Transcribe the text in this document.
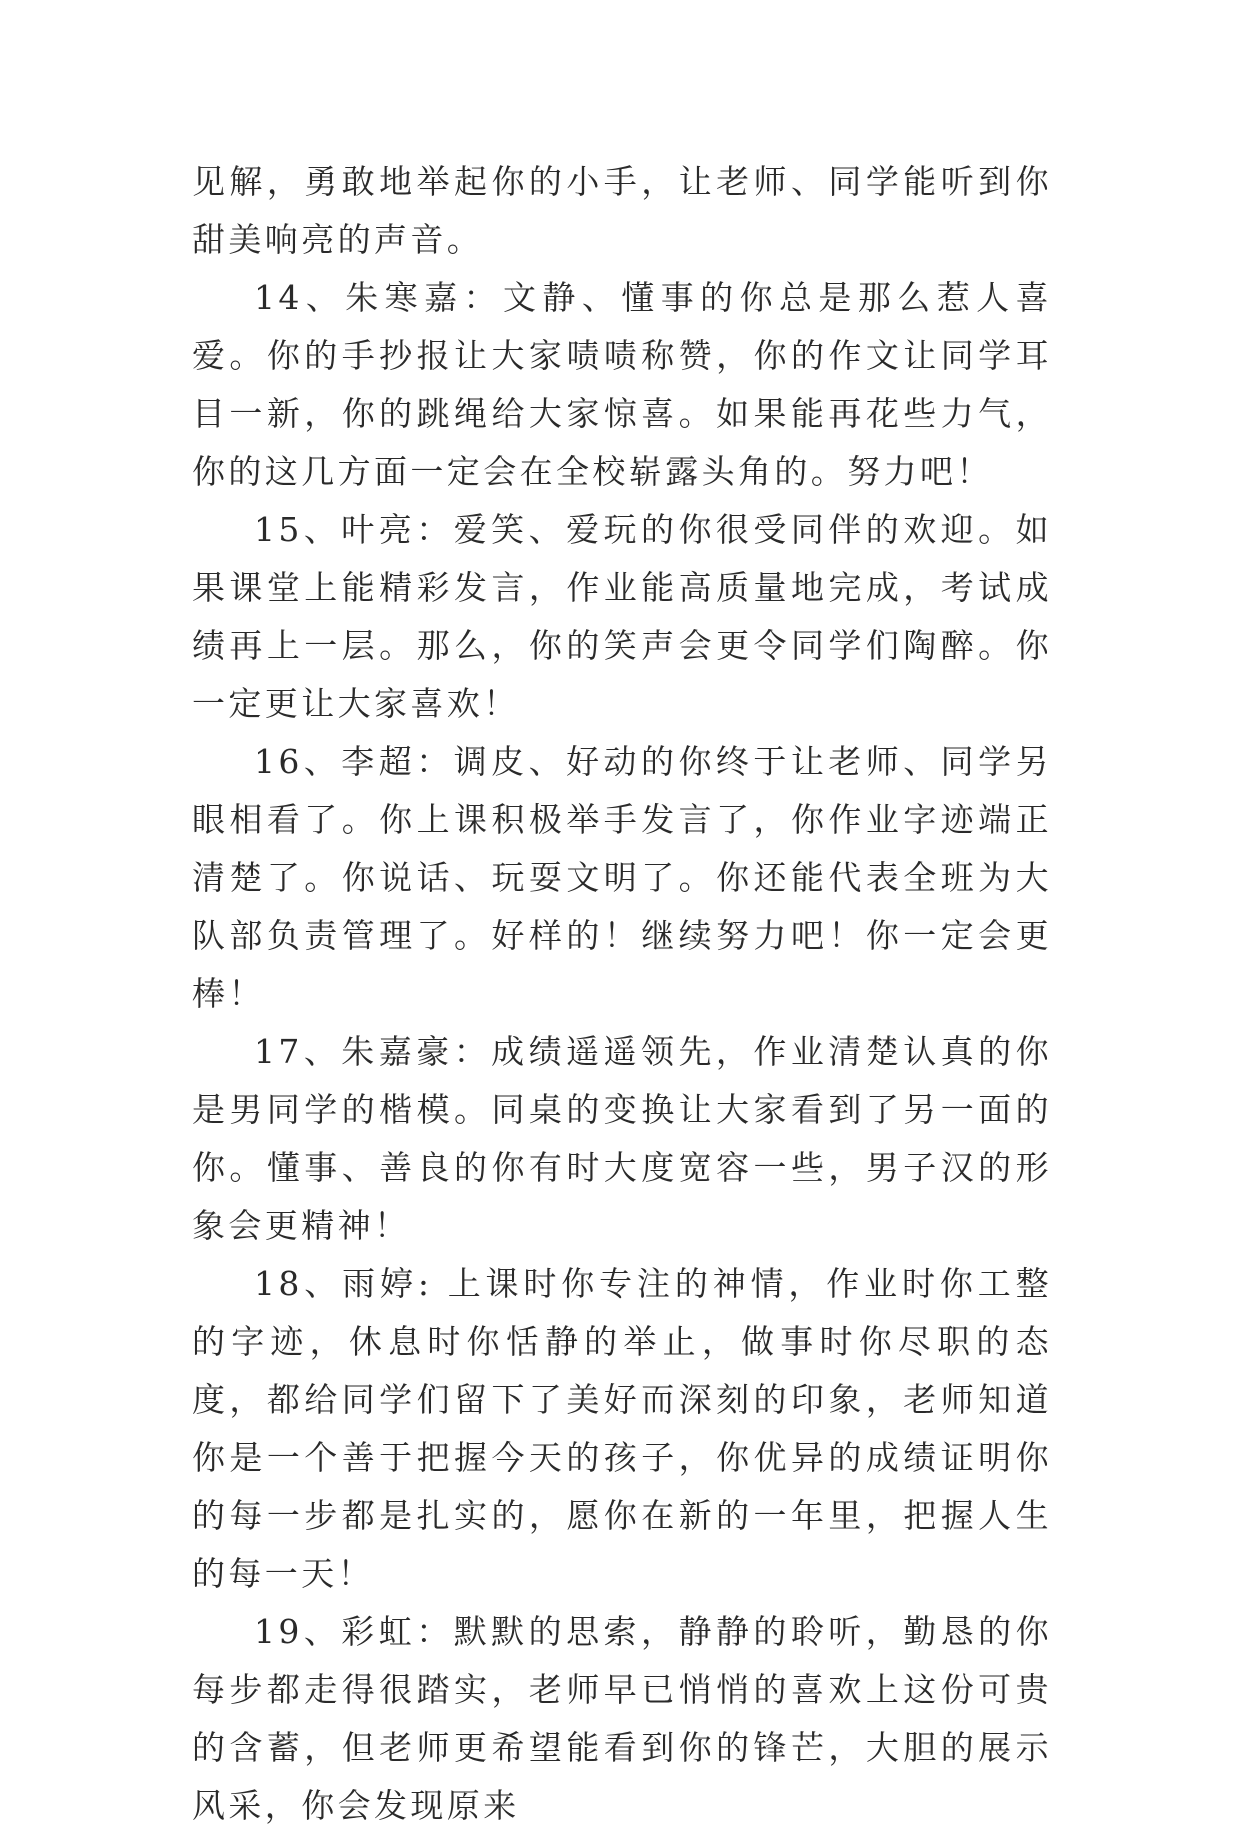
见解，勇敢地举起你的小手，让老师、同学能听到你甜美响亮的声音。

14、朱寒嘉：文静、懂事的你总是那么惹人喜爱。你的手抄报让大家啧啧称赞，你的作文让同学耳目一新，你的跳绳给大家惊喜。如果能再花些力气，你的这几方面一定会在全校崭露头角的。努力吧！

15、叶亮：爱笑、爱玩的你很受同伴的欢迎。如果课堂上能精彩发言，作业能高质量地完成，考试成绩再上一层。那么，你的笑声会更令同学们陶醉。你一定更让大家喜欢！

16、李超：调皮、好动的你终于让老师、同学另眼相看了。你上课积极举手发言了，你作业字迹端正清楚了。你说话、玩耍文明了。你还能代表全班为大队部负责管理了。好样的！继续努力吧！你一定会更棒！

17、朱嘉豪：成绩遥遥领先，作业清楚认真的你是男同学的楷模。同桌的变换让大家看到了另一面的你。懂事、善良的你有时大度宽容一些，男子汉的形象会更精神！

18、雨婷: 上课时你专注的神情，作业时你工整的字迹，休息时你恬静的举止，做事时你尽职的态度，都给同学们留下了美好而深刻的印象，老师知道你是一个善于把握今天的孩子，你优异的成绩证明你的每一步都是扎实的，愿你在新的一年里，把握人生的每一天！

19、彩虹：默默的思索，静静的聆听，勤恳的你每步都走得很踏实，老师早已悄悄的喜欢上这份可贵的含蓄，但老师更希望能看到你的锋芒，大胆的展示风采，你会发现原来
